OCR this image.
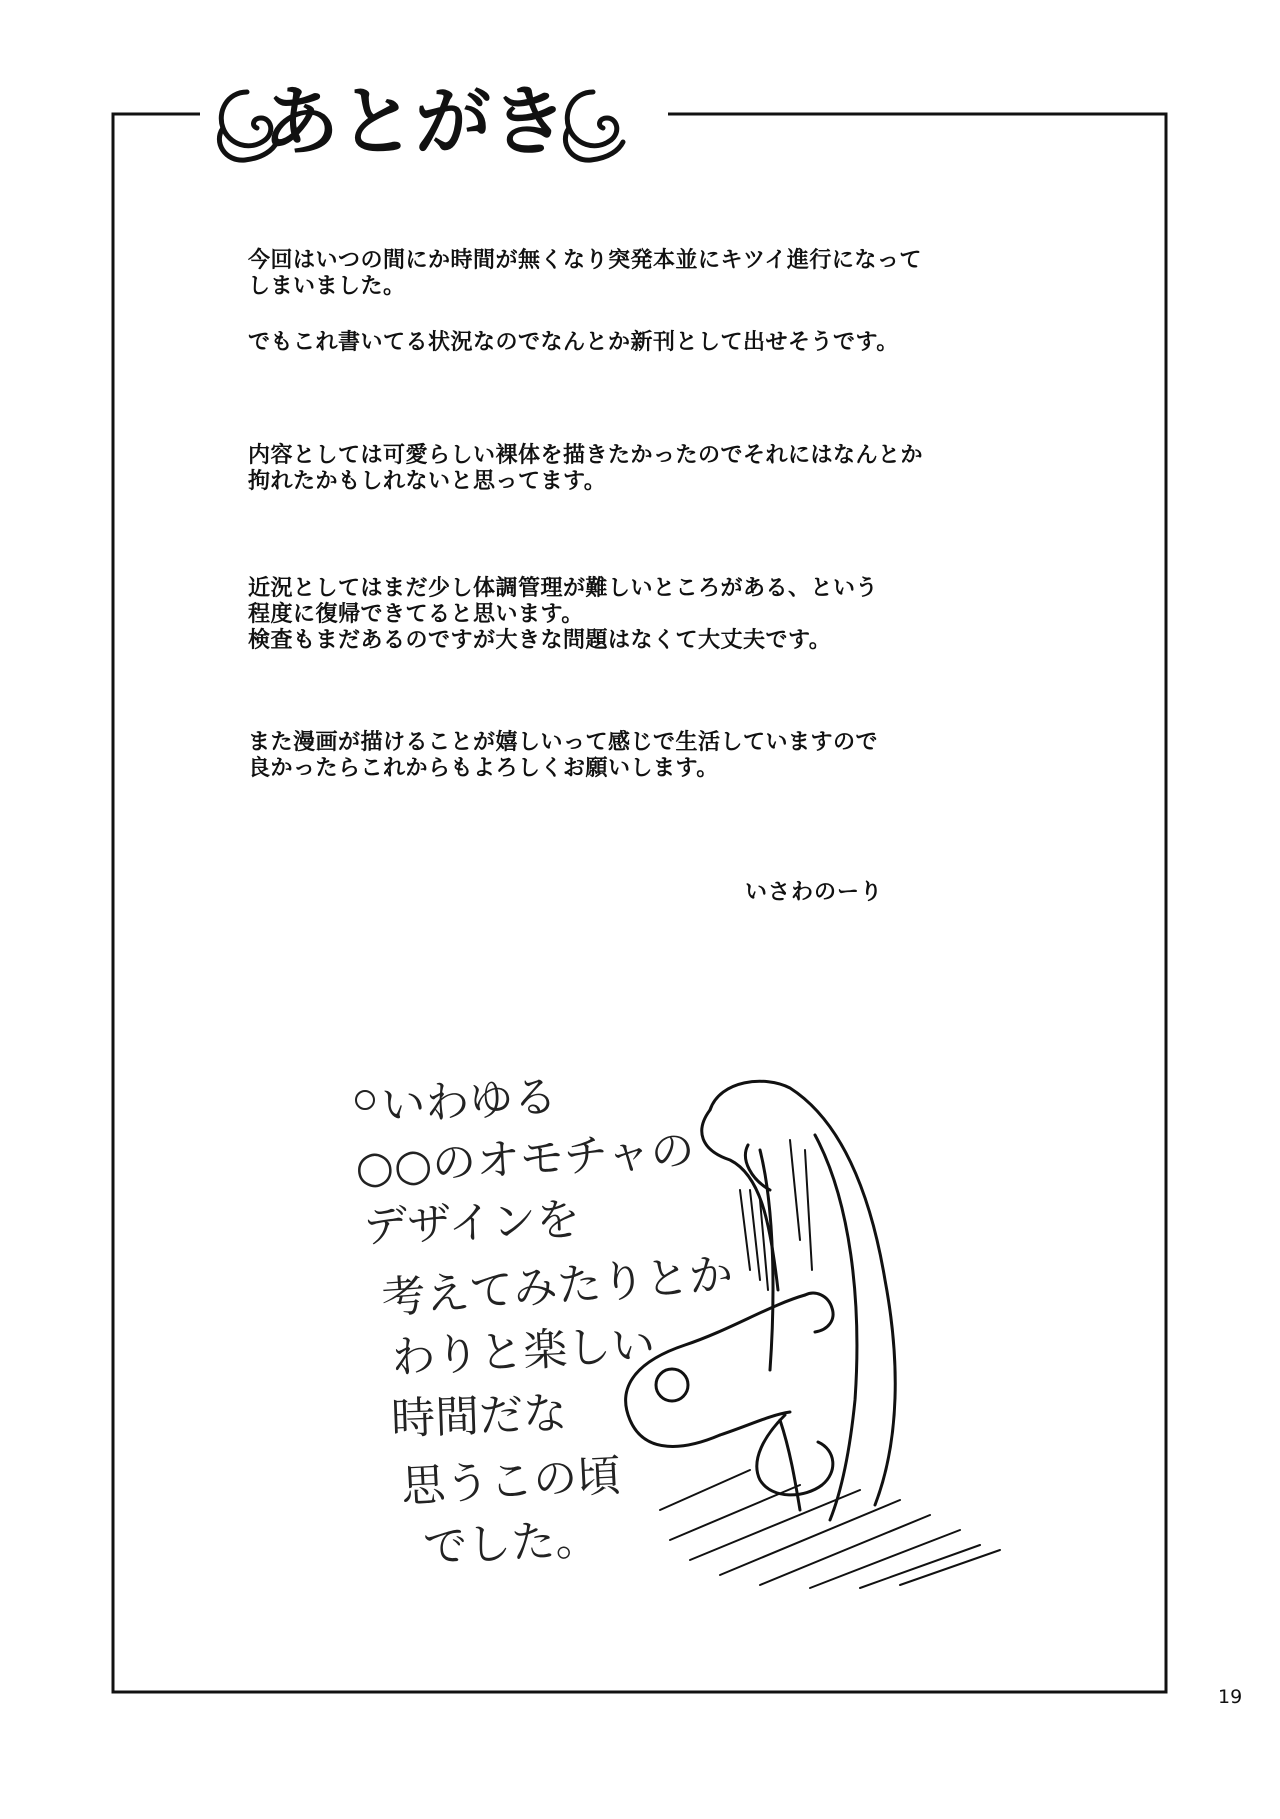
あとがき
今回はいつの間にか時間が無くなり突発本並にキツイ進行になって
しまいました。
でもこれ書いてる状況なのでなんとか新刊として出せそうです。
内容としては可愛らしい裸体を描きたかったのでそれにはなんとか
拘れたかもしれないと思ってます。
近況としてはまだ少し体調管理が難しいところがある、という
程度に復帰できてると思います。
検査もまだあるのですが大きな問題はなくて大丈夫です。
また漫画が描けることが嬉しいって感じで生活していますので
良かったらこれからもよろしくお願いします。
いさわのーり
いわゆる
○○のオモチャの
デザインを
考えてみたりとか
わりと楽しい
時間だな
思うこの頃
でした。
19
